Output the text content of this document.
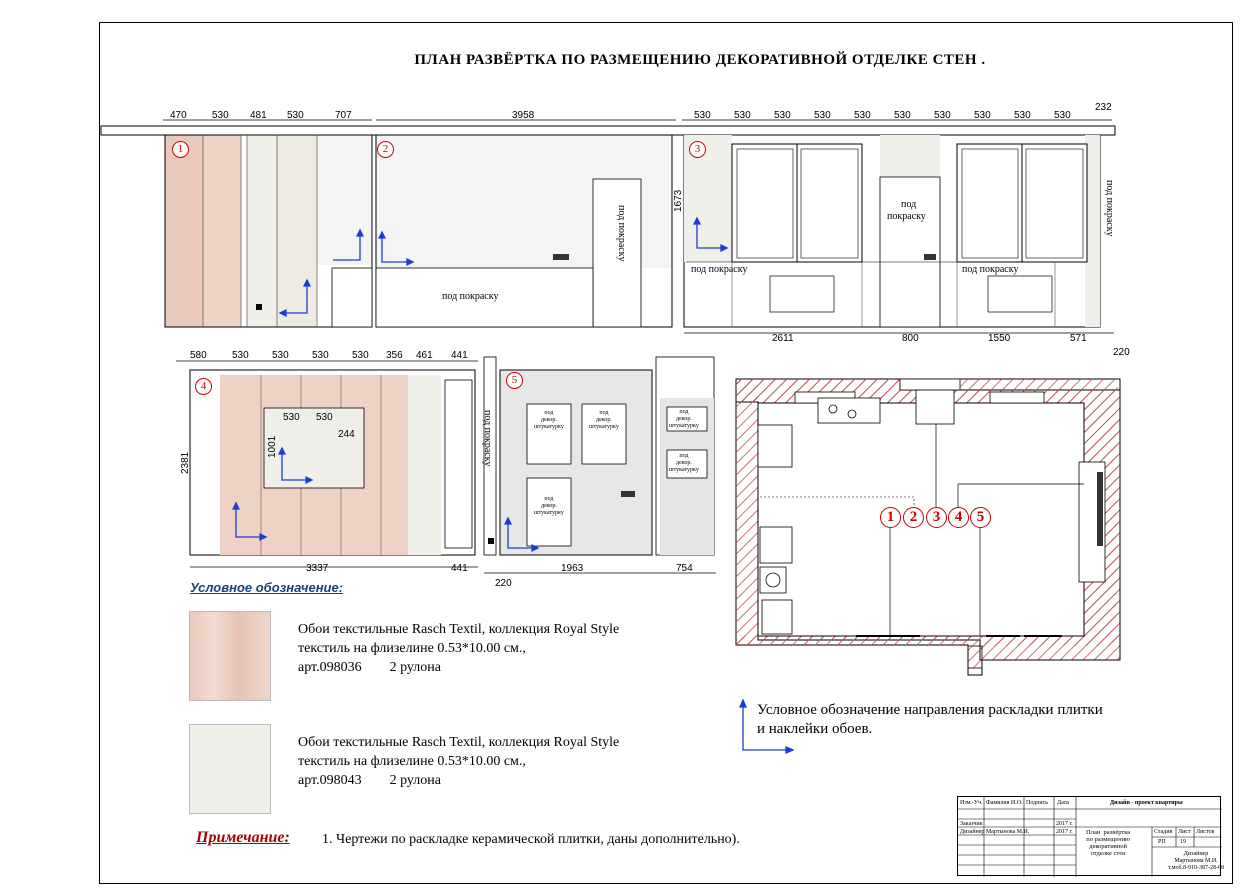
ПЛАН РАЗВЁРТКА ПО РАЗМЕЩЕНИЮ ДЕКОРАТИВНОЙ ОТДЕЛКЕ СТЕН .
470	530 481 530	707	3958	530 530 530 530 530 530 530 530 530 530
232
1673
2611	800	1550	571
220
1	2	3
4	5
под покраску
под покраску
под покраску
под
покраску
под покраску
под покраску
580	530 530 530 530 356 461 441
2381
530 530
1001
244
3337	441
220
1963	754
под покраску	под
декор.
штукатурку
под
декор.
штукатурку
под
декор.
штукатурку
под
декор.
штукатурку
под
декор.
штукатурку
1	2	3 4 5
Условное обозначение:
Обои текстильные Rasch Textil, коллекция Royal Style
текстиль на флизелине 0.53*10.00 см.,
арт.098036        2 рулона
Обои текстильные Rasch Textil, коллекция Royal Style
текстиль на флизелине 0.53*10.00 см.,
арт.098043        2 рулона
Условное обозначение направления раскладки плитки
и наклейки обоев.
Примечание: 1. Чертежи по раскладке керамической плитки, даны дополнительно).
Изм.-Уч. Фамилия И.О. Подпись Дата	Дизайн - проект квартиры
Заказчик	2017 г.
Дизайнер Мартынова М.И.	2017 г. План  развёртка
по размещению
декоративной
отделке стен
Стадия Лист Листов
РП 19
Дизайнер
Мартынова М.И.
т.моб.8-910-387-28-68
